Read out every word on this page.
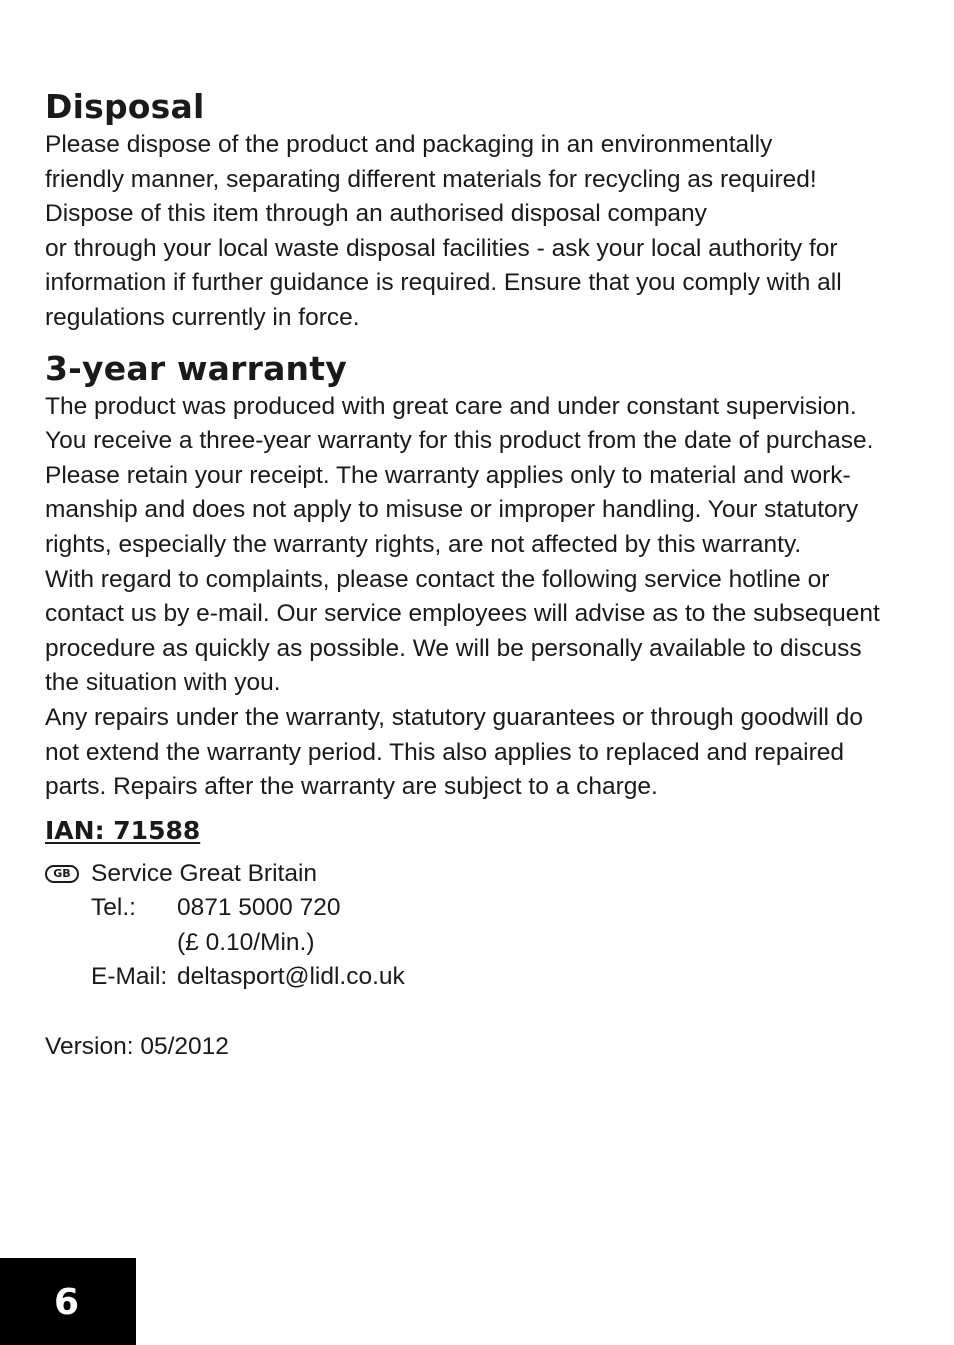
Disposal

Please dispose of the product and packaging in an environmentally
friendly manner, separating different materials for recycling as required!
Dispose of this item through an authorised disposal company
or through your local waste disposal facilities - ask your local authority for
information if further guidance is required. Ensure that you comply with all
regulations currently in force.

3-year warranty

The product was produced with great care and under constant supervision.
You receive a three-year warranty for this product from the date of purchase.
Please retain your receipt. The warranty applies only to material and work-
manship and does not apply to misuse or improper handling. Your statutory
rights, especially the warranty rights, are not affected by this warranty.
With regard to complaints, please contact the following service hotline or
contact us by e-mail. Our service employees will advise as to the subsequent
procedure as quickly as possible. We will be personally available to discuss
the situation with you.
Any repairs under the warranty, statutory guarantees or through goodwill do
not extend the warranty period. This also applies to replaced and repaired
parts. Repairs after the warranty are subject to a charge.

IAN: 71588
GB Service Great Britain
Tel.:	0871 5000 720
(£ 0.10/Min.)
E-Mail: deltasport@lidl.co.uk
Version: 05/2012
6
